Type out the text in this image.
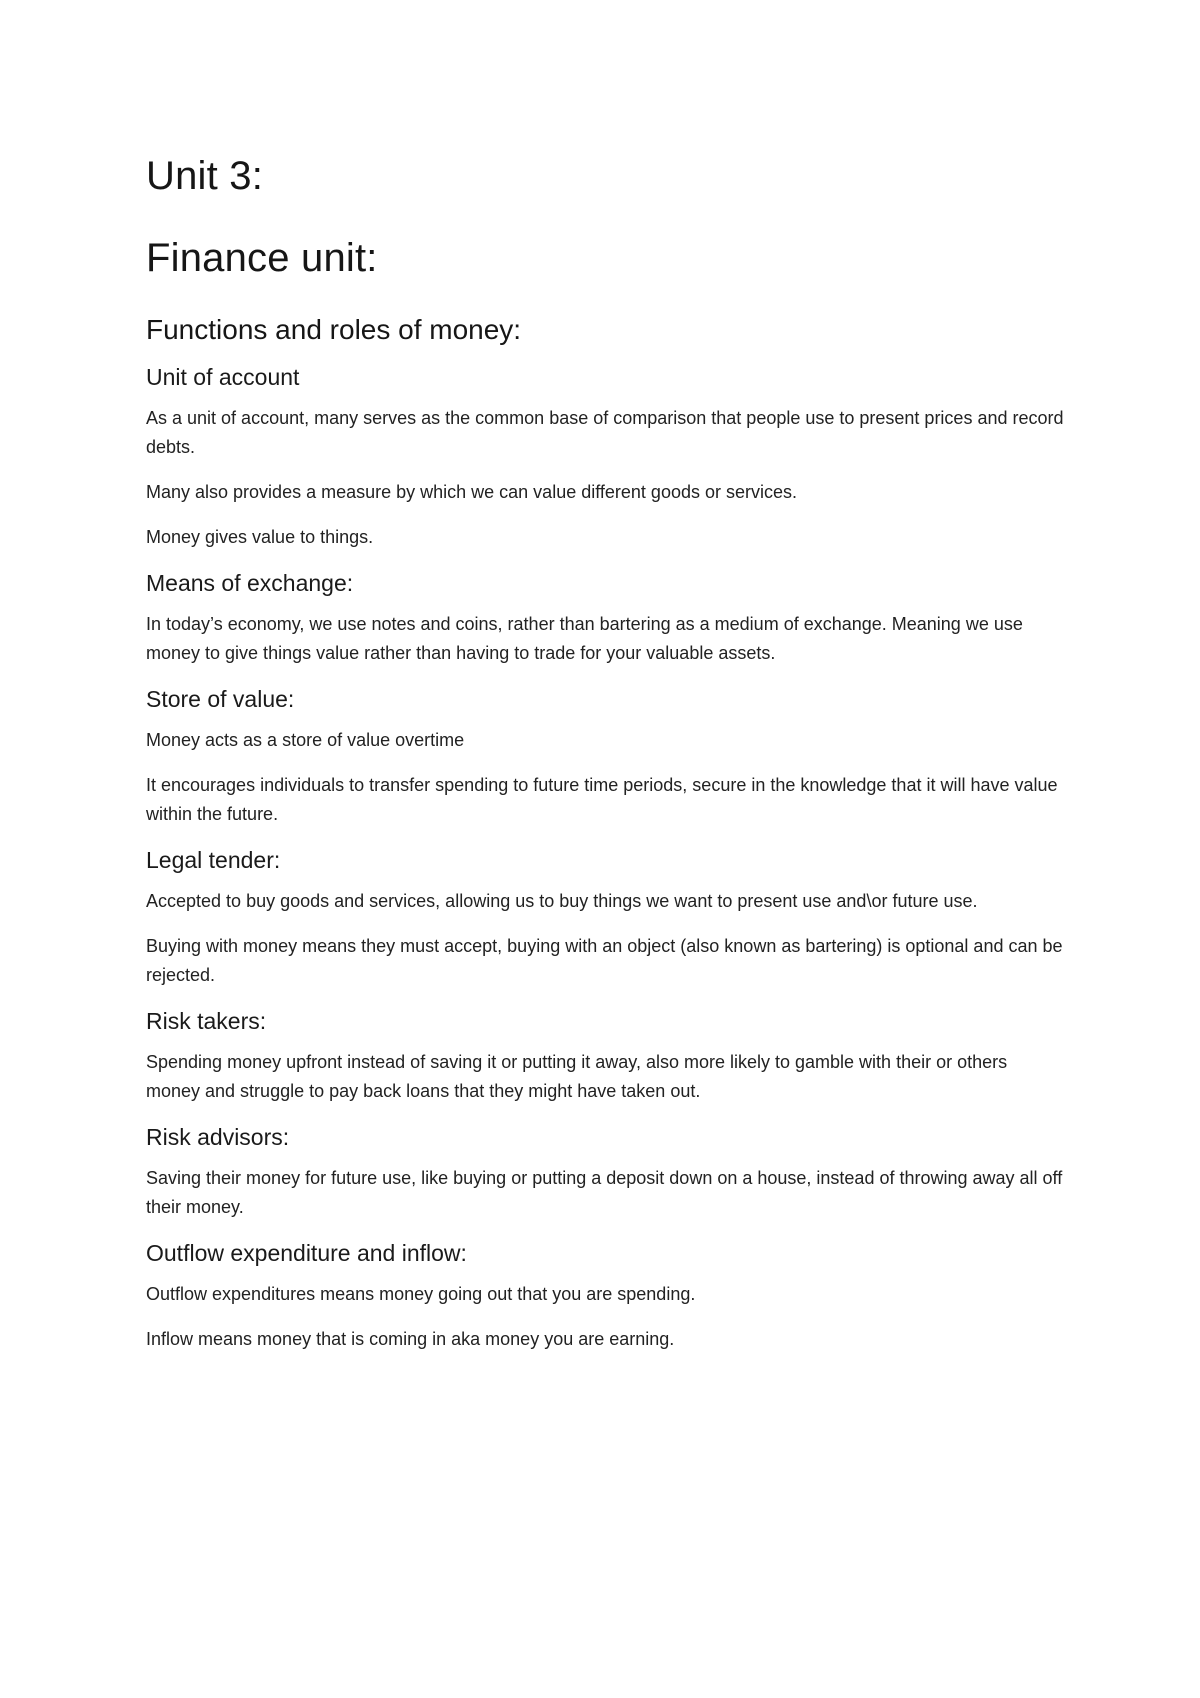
Unit 3:
Finance unit:
Functions and roles of money:
Unit of account

As a unit of account, many serves as the common base of comparison that people use to present prices and record debts.

Many also provides a measure by which we can value different goods or services.

Money gives value to things.

Means of exchange:

In today’s economy, we use notes and coins, rather than bartering as a medium of exchange. Meaning we use money to give things value rather than having to trade for your valuable assets.

Store of value:

Money acts as a store of value overtime

It encourages individuals to transfer spending to future time periods, secure in the knowledge that it will have value within the future.

Legal tender:

Accepted to buy goods and services, allowing us to buy things we want to present use and\or future use.

Buying with money means they must accept, buying with an object (also known as bartering) is optional and can be rejected.

Risk takers:

Spending money upfront instead of saving it or putting it away, also more likely to gamble with their or others money and struggle to pay back loans that they might have taken out.

Risk advisors:

Saving their money for future use, like buying or putting a deposit down on a house, instead of throwing away all off their money.

Outflow expenditure and inflow:

Outflow expenditures means money going out that you are spending.

Inflow means money that is coming in aka money you are earning.
